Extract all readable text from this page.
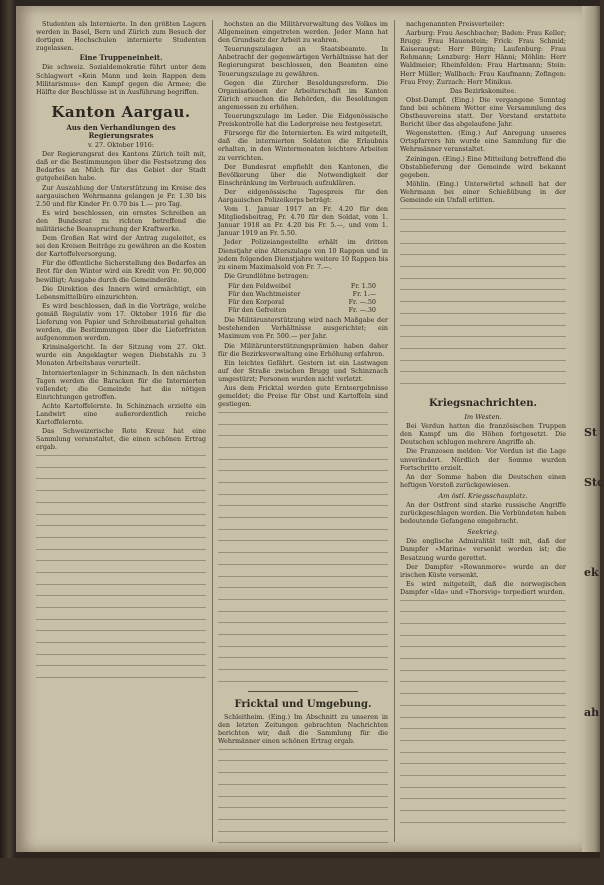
Studenten als Internierte. In den größten Lagern werden in Basel, Bern und Zürich zum Besuch der dortigen Hochschulen internierte Studenten zugelassen.
Eine Truppeneinheit.
Die schweiz. Sozialdemokratie führt unter dem Schlagwort »Kein Mann und kein Rappen dem Militarismus« den Kampf gegen die Armee; die Hälfte der Beschlüsse ist in Ausführung begriffen.
Kanton Aargau.
Aus den Verhandlungen des Regierungsrates
v. 27. Oktober 1916:
Der Regierungsrat des Kantons Zürich teilt mit, daß er die Bestimmungen über die Festsetzung des Bedarfes an Milch für das Gebiet der Stadt gutgeheißen habe.
Zur Auszahlung der Unterstützung im Kreise des aargauischen Wehrmanns gelangen je Fr. 1.30 bis 2.50 und für Kinder Fr. 0.70 bis 1.— pro Tag.
Es wird beschlossen, ein ernstes Schreiben an den Bundesrat zu richten betreffend die militärische Beanspruchung der Kraftwerke.
Dem Großen Rat wird der Antrag zugeleitet, es sei den Kreisen Beiträge zu gewähren an die Kosten der Kartoffelversorgung.
Für die öffentliche Sicherstellung des Bedarfes an Brot für den Winter wird ein Kredit von Fr. 90,000 bewilligt; Ausgabe durch die Gemeinderäte.
Die Direktion des Innern wird ermächtigt, ein Lebensmittelbüro einzurichten.
Es wird beschlossen, daß in die Vorträge, welche gemäß Regulativ vom 17. Oktober 1916 für die Lieferung von Papier und Schreibmaterial gehalten werden, die Bestimmungen über die Lieferfristen aufgenommen werden.
Kriminalgericht. In der Sitzung vom 27. Okt. wurde ein Angeklagter wegen Diebstahls zu 3 Monaten Arbeitshaus verurteilt.
Interniertenlager in Schinznach. In den nächsten Tagen werden die Baracken für die Internierten vollendet; die Gemeinde hat die nötigen Einrichtungen getroffen.
Achte Kartoffelernte. In Schinznach erzielte ein Landwirt eine außerordentlich reiche Kartoffelernte.
Das Schweizerische Rote Kreuz hat eine Sammlung veranstaltet, die einen schönen Ertrag ergab.
hochsten an die Militärverwaltung des Volkes im Allgemeinen eingetreten werden. Jeder Mann hat den Grundsatz der Arbeit zu wahren.
Teuerungszulagen an Staatsbeamte. In Anbetracht der gegenwärtigen Verhältnisse hat der Regierungsrat beschlossen, den Beamten eine Teuerungszulage zu gewähren.
Gegen die Zürcher Besoldungsreform. Die Organisationen der Arbeiterschaft im Kanton Zürich ersuchen die Behörden, die Besoldungen angemessen zu erhöhen.
Teuerungszulage im Leder. Die Eidgenössische Preiskontrolle hat die Lederpreise neu festgesetzt.
Fürsorge für die Internierten. Es wird mitgeteilt, daß die internierten Soldaten die Erlaubnis erhalten, in den Wintermonaten leichtere Arbeiten zu verrichten.
Der Bundesrat empfiehlt den Kantonen, die Bevölkerung über die Notwendigkeit der Einschränkung im Verbrauch aufzuklären.
Der eidgenössische Tagespreis für den Aargauischen Polizeikorps beträgt:
Vom 1. Januar 1917 an Fr. 4.20 für den Mitgliedsbeitrag, Fr. 4.70 für den Soldat, vom 1. Januar 1918 an Fr. 4.20 bis Fr. 5.—, und vom 1. Januar 1919 an Fr. 5.50.
Jeder Polizeiangestellte erhält im dritten Dienstjahr eine Alterszulage von 10 Rappen und in jedem folgenden Dienstjahre weitere 10 Rappen bis zu einem Maximalsold von Fr. 7.—.
Die Grundlöhne betragen:
Für den Feldweibel	Fr. 1.50
Für den Wachtmeister	Fr. 1.—
Für den Korporal	Fr. —.50
Für den Gefreiten	Fr. —.30
Die Militärunterstützung wird nach Maßgabe der bestehenden Verhältnisse ausgerichtet; ein Maximum von Fr. 500.— per Jahr.
Die Militärunterstützungsprämien haben daher für die Bezirksverwaltung eine Erhöhung erfahren.
Ein leichtes Gefährt. Gestern ist ein Lastwagen auf der Straße zwischen Brugg und Schinznach umgestürzt; Personen wurden nicht verletzt.
Aus dem Fricktal werden gute Ernteergebnisse gemeldet; die Preise für Obst und Kartoffeln sind gestiegen.
Fricktal und Umgebung.
Schleitheim. (Eing.) Im Abschnitt zu unseren in den letzten Zeitungen gebrachten Nachrichten berichten wir, daß die Sammlung für die Wehrmänner einen schönen Ertrag ergab.
nachgenannten Preisverteiler:
Aarburg: Frau Aeschbacher; Baden: Frau Keller; Brugg: Frau Hauenstein; Frick: Frau Schmid; Kaiseraugst: Herr Bürgin; Laufenburg: Frau Rehmann; Lenzburg: Herr Hänni; Möhlin: Herr Waldmeier; Rheinfelden: Frau Hartmann; Stein: Herr Müller; Wallbach: Frau Kaufmann; Zofingen: Frau Frey; Zurzach: Herr Minikus.
Das Bezirkskomitee.
Obst-Dampf. (Eing.) Die vergangene Sonntag fand bei schönem Wetter eine Versammlung des Obstbauvereins statt. Der Vorstand erstattete Bericht über das abgelaufene Jahr.
Wegenstetten. (Eing.) Auf Anregung unseres Ortspfarrers hin wurde eine Sammlung für die Wehrmänner veranstaltet.
Zeiningen. (Eing.) Eine Mitteilung betreffend die Obstablieferung der Gemeinde wird bekannt gegeben.
Möhlin. (Eing.) Unterwörtel schnell hat der Wehrmann bei einer Schießübung in der Gemeinde ein Unfall erlitten.
Kriegsnachrichten.
Im Westen.
Bei Verdun hatten die französischen Truppen den Kampf um die Höhen fortgesetzt. Die Deutschen schlugen mehrere Angriffe ab.
Die Franzosen melden: Vor Verdun ist die Lage unverändert. Nördlich der Somme wurden Fortschritte erzielt.
An der Somme haben die Deutschen einen heftigen Vorstoß zurückgewiesen.
Am östl. Kriegsschauplatz.
An der Ostfront sind starke russische Angriffe zurückgeschlagen worden. Die Verbündeten haben bedeutende Gefangene eingebracht.
Seekrieg.
Die englische Admiralität teilt mit, daß der Dampfer »Marina« versenkt worden ist; die Besatzung wurde gerettet.
Der Dampfer »Rowanmore« wurde an der irischen Küste versenkt.
Es wird mitgeteilt, daß die norwegischen Dampfer »Ida« und »Thorsvig« torpediert wurden.
St
Stc
ek
ah
